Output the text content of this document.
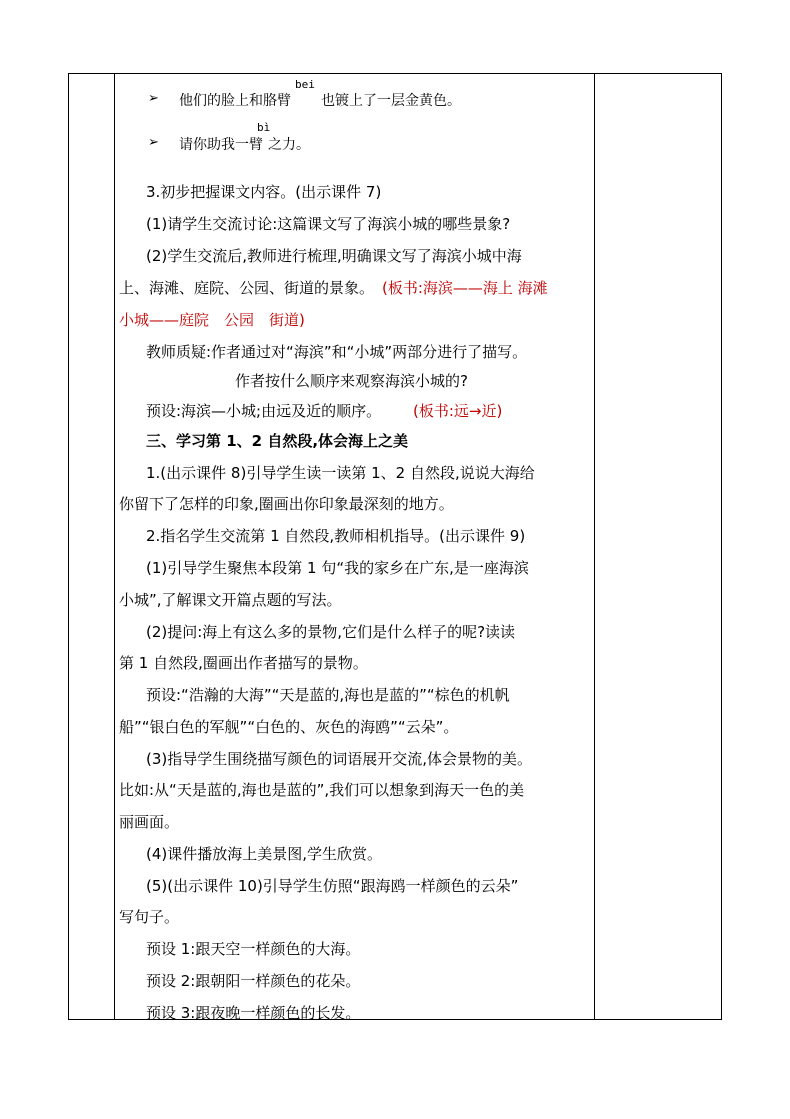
➢
bei
他们的脸上和胳臂 也镀上了一层金黄色。
➢
bì
请你助我一臂 之力。
3.初步把握课文内容。(出示课件 7)
(1)请学生交流讨论:这篇课文写了海滨小城的哪些景象?
(2)学生交流后,教师进行梳理,明确课文写了海滨小城中海
上、海滩、庭院、公园、街道的景象。 (板书:海滨——海上 海滩
小城——庭院　公园　街道)
教师质疑:作者通过对“海滨”和“小城”两部分进行了描写。
作者按什么顺序来观察海滨小城的?
预设:海滨—小城;由远及近的顺序。 (板书:远→近)
三、学习第 1、2 自然段,体会海上之美
1.(出示课件 8)引导学生读一读第 1、2 自然段,说说大海给
你留下了怎样的印象,圈画出你印象最深刻的地方。
2.指名学生交流第 1 自然段,教师相机指导。(出示课件 9)
(1)引导学生聚焦本段第 1 句“我的家乡在广东,是一座海滨
小城”,了解课文开篇点题的写法。
(2)提问:海上有这么多的景物,它们是什么样子的呢?读读
第 1 自然段,圈画出作者描写的景物。
预设:“浩瀚的大海”“天是蓝的,海也是蓝的”“棕色的机帆
船”“银白色的军舰”“白色的、灰色的海鸥”“云朵”。
(3)指导学生围绕描写颜色的词语展开交流,体会景物的美。
比如:从“天是蓝的,海也是蓝的”,我们可以想象到海天一色的美
丽画面。
(4)课件播放海上美景图,学生欣赏。
(5)(出示课件 10)引导学生仿照“跟海鸥一样颜色的云朵”
写句子。
预设 1:跟天空一样颜色的大海。
预设 2:跟朝阳一样颜色的花朵。
预设 3:跟夜晚一样颜色的长发。
